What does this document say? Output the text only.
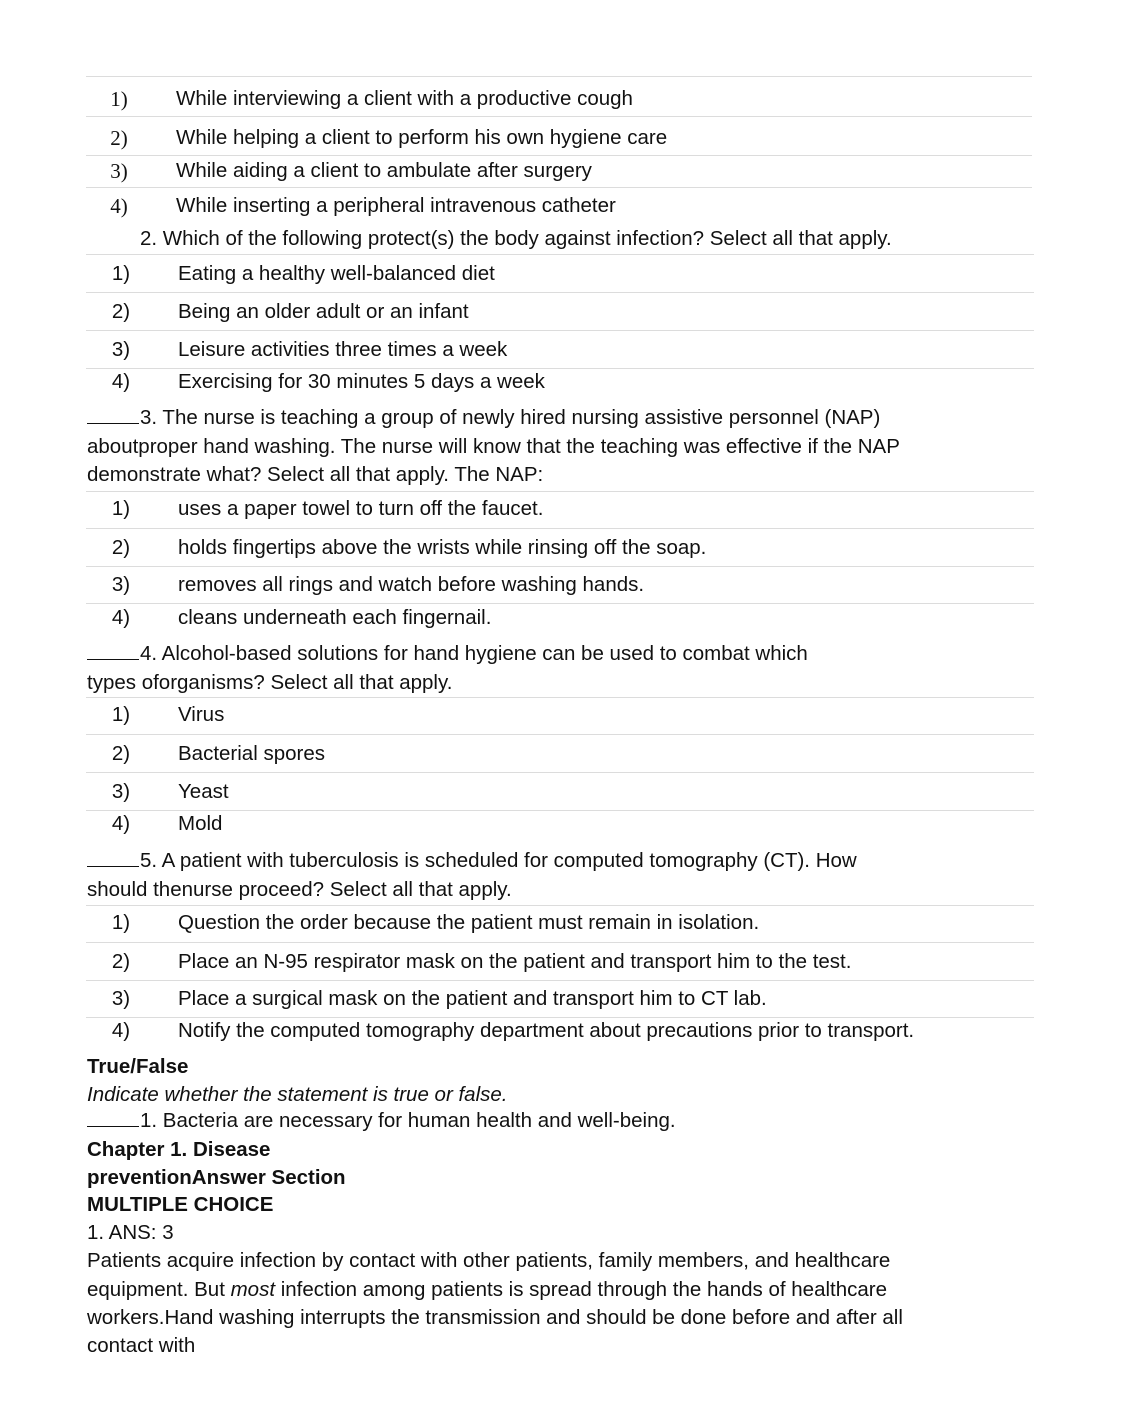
1)	While interviewing a client with a productive cough
2)	While helping a client to perform his own hygiene care
3)	While aiding a client to ambulate after surgery
4)	While inserting a peripheral intravenous catheter
2. Which of the following protect(s) the body against infection? Select all that apply.
1)	Eating a healthy well-balanced diet
2)	Being an older adult or an infant
3)	Leisure activities three times a week
4)	Exercising for 30 minutes 5 days a week
3. The nurse is teaching a group of newly hired nursing assistive personnel (NAP)
aboutproper hand washing. The nurse will know that the teaching was effective if the NAP
demonstrate what? Select all that apply. The NAP:
1)	uses a paper towel to turn off the faucet.
2)	holds fingertips above the wrists while rinsing off the soap.
3)	removes all rings and watch before washing hands.
4)	cleans underneath each fingernail.
4. Alcohol-based solutions for hand hygiene can be used to combat which
types oforganisms? Select all that apply.
1)	Virus
2)	Bacterial spores
3)	Yeast
4)	Mold
5. A patient with tuberculosis is scheduled for computed tomography (CT). How
should thenurse proceed? Select all that apply.
1)	Question the order because the patient must remain in isolation.
2)	Place an N-95 respirator mask on the patient and transport him to the test.
3)	Place a surgical mask on the patient and transport him to CT lab.
4)	Notify the computed tomography department about precautions prior to transport.
True/False
Indicate whether the statement is true or false.
1. Bacteria are necessary for human health and well-being.
Chapter 1. Disease
preventionAnswer Section
MULTIPLE CHOICE
1. ANS: 3
Patients acquire infection by contact with other patients, family members, and healthcare
equipment. But most infection among patients is spread through the hands of healthcare
workers.Hand washing interrupts the transmission and should be done before and after all
contact with
